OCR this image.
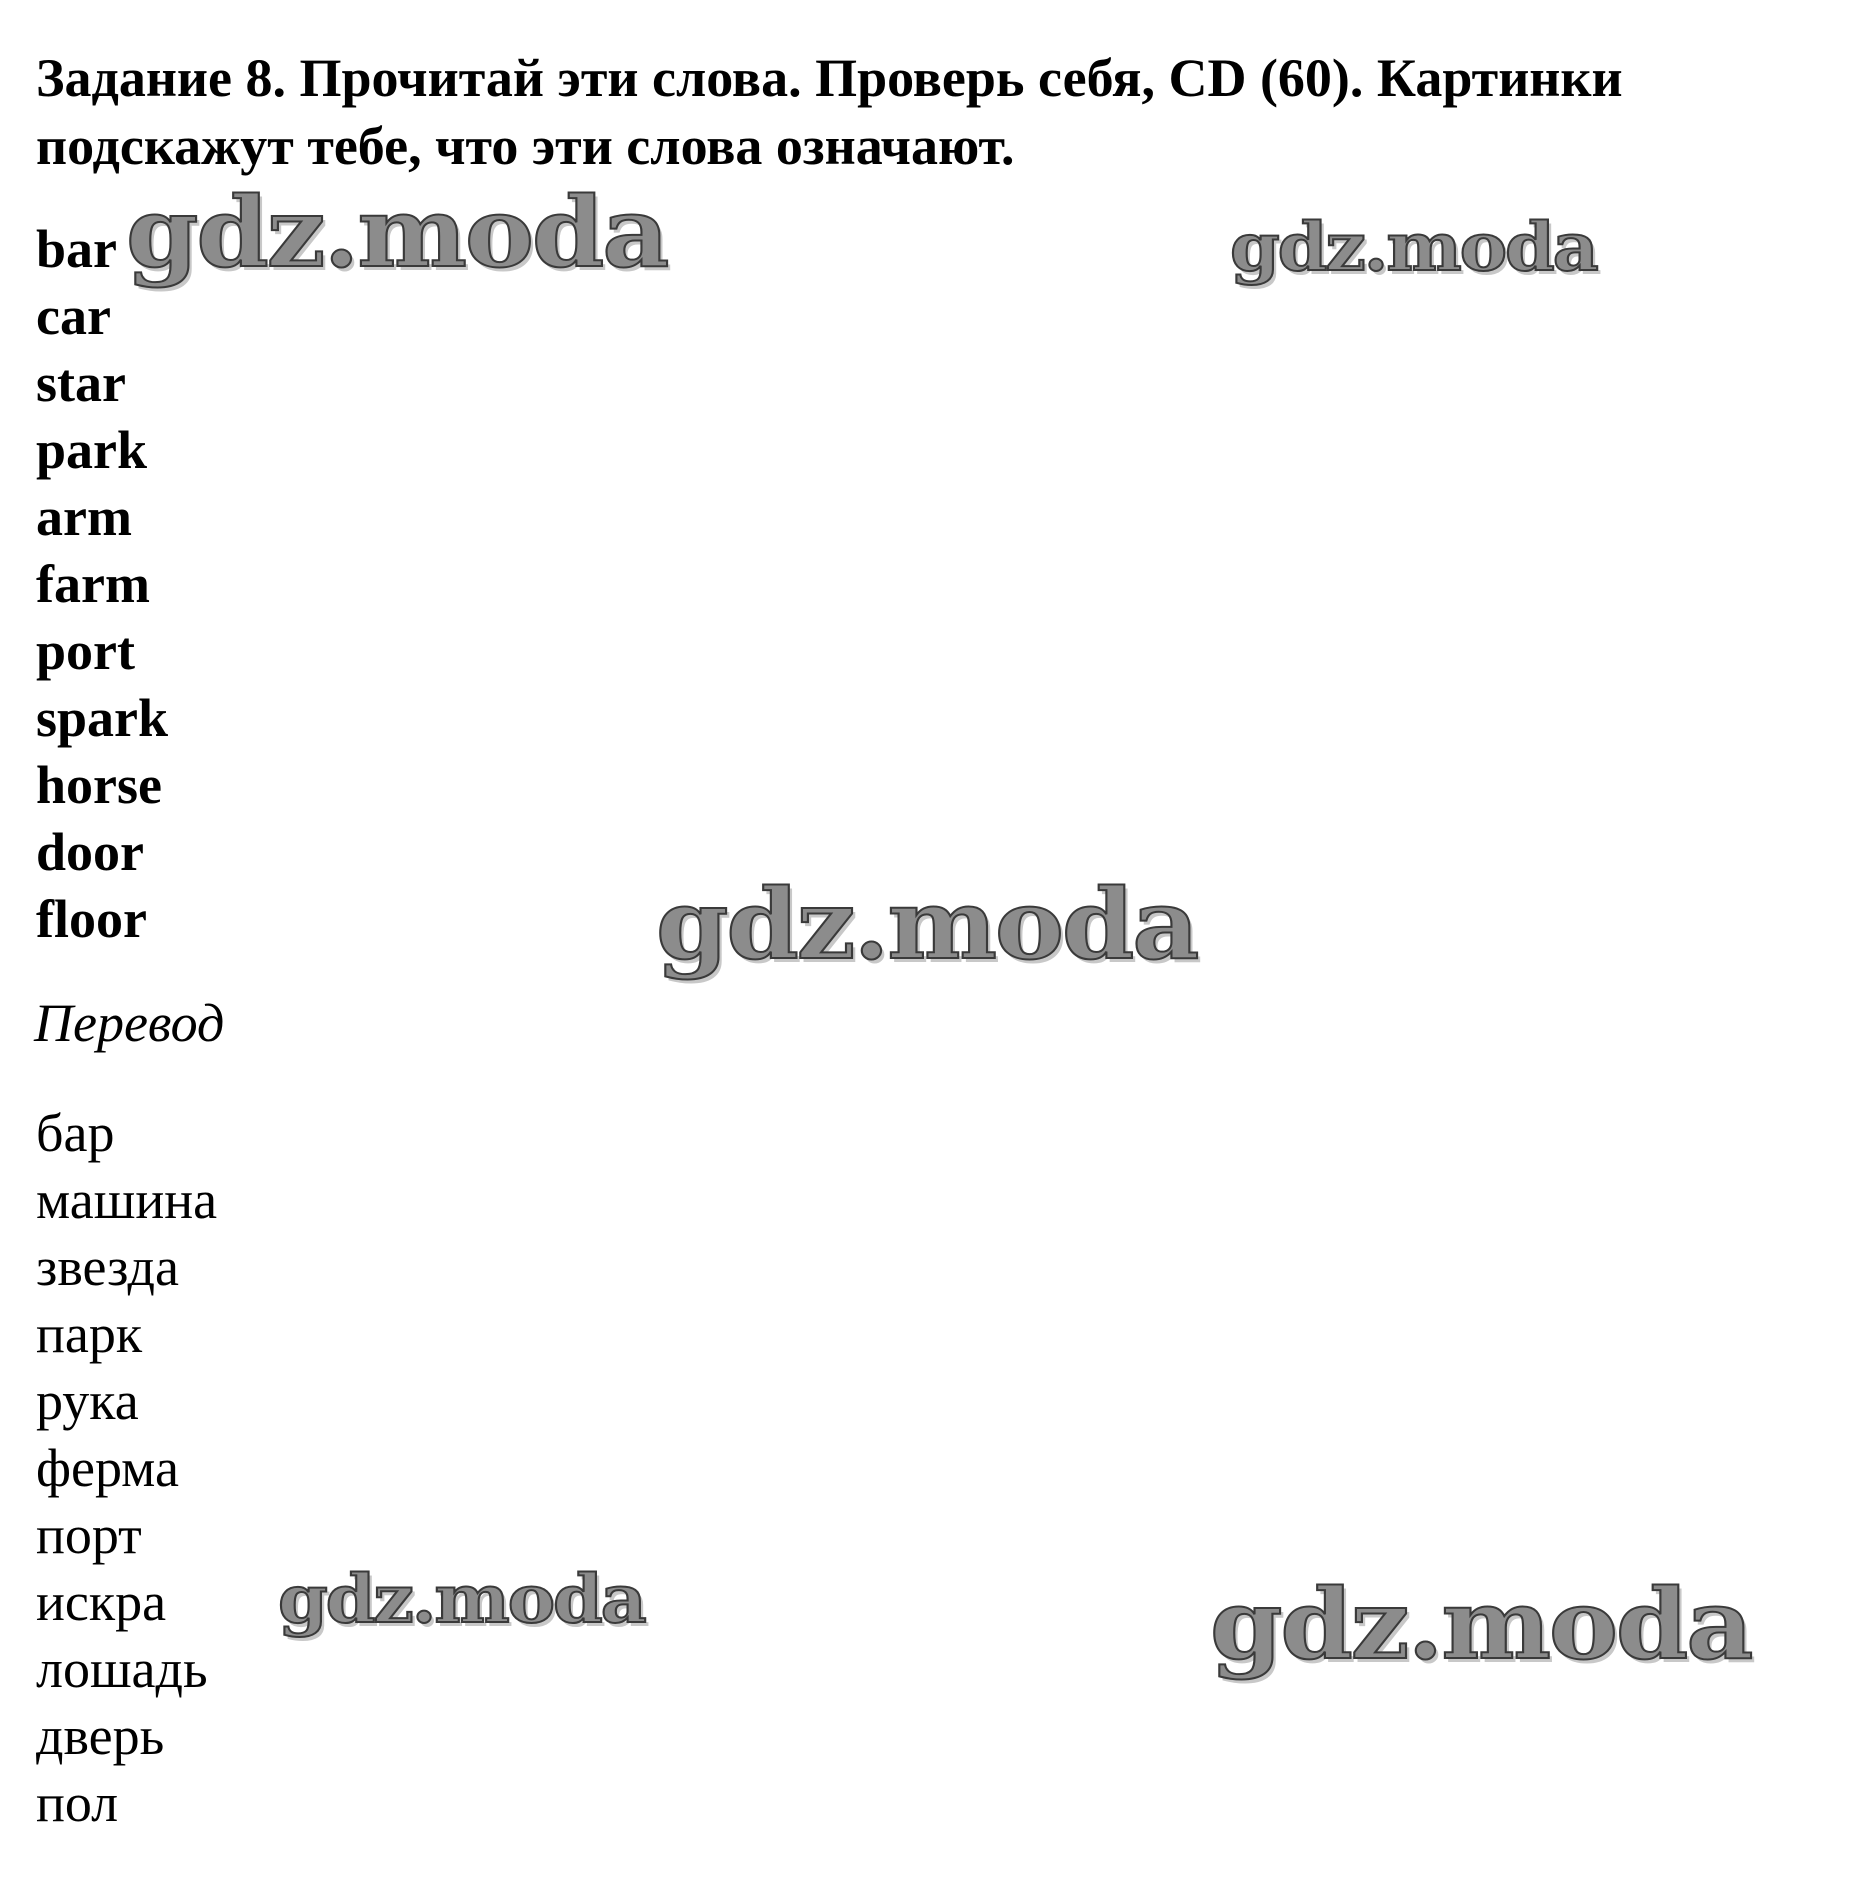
Задание 8. Прочитай эти слова. Проверь себя, CD (60). Картинки
подскажут тебе, что эти слова означают.
bar
car
star
park
arm
farm
port
spark
horse
door
floor

Перевод

бар
машина
звезда
парк
рука
ферма
порт
искра
лошадь
дверь
пол
gdz.moda	gdz.moda
gdz.moda
gdz.moda	gdz.moda
